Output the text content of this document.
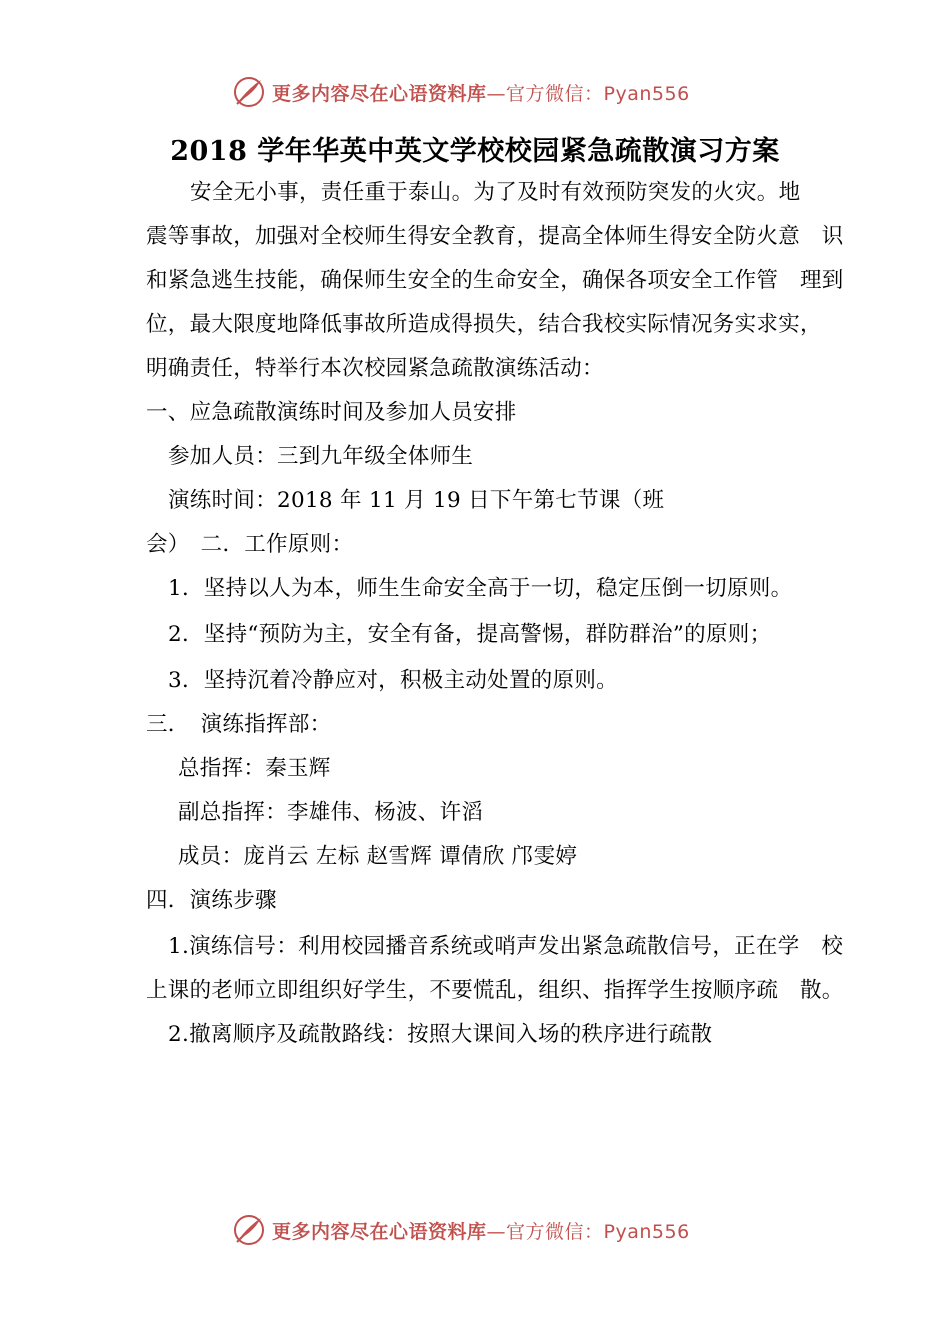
更多内容尽在心语资料库—官方微信：Pyan556
2018 学年华英中英文学校校园紧急疏散演习方案
安全无小事，责任重于泰山。为了及时有效预防突发的火灾。地
震等事故，加强对全校师生得安全教育，提高全体师生得安全防火意　识
和紧急逃生技能，确保师生安全的生命安全，确保各项安全工作管　理到
位，最大限度地降低事故所造成得损失，结合我校实际情况务实求实，
明确责任，特举行本次校园紧急疏散演练活动：
一、应急疏散演练时间及参加人员安排
参加人员：三到九年级全体师生
演练时间：2018 年 11 月 19 日下午第七节课（班
会）　二．工作原则：
1．坚持以人为本，师生生命安全高于一切，稳定压倒一切原则。
2．坚持“预防为主，安全有备，提高警惕，群防群治”的原则；
3．坚持沉着冷静应对，积极主动处置的原则。
三．　演练指挥部：
总指挥：秦玉辉
副总指挥：李雄伟、杨波、许滔
成员：庞肖云 左标 赵雪辉 谭倩欣 邝雯婷
四．演练步骤
1.演练信号：利用校园播音系统或哨声发出紧急疏散信号，正在学　校
上课的老师立即组织好学生，不要慌乱，组织、指挥学生按顺序疏　散。
2.撤离顺序及疏散路线：按照大课间入场的秩序进行疏散
更多内容尽在心语资料库—官方微信：Pyan556
